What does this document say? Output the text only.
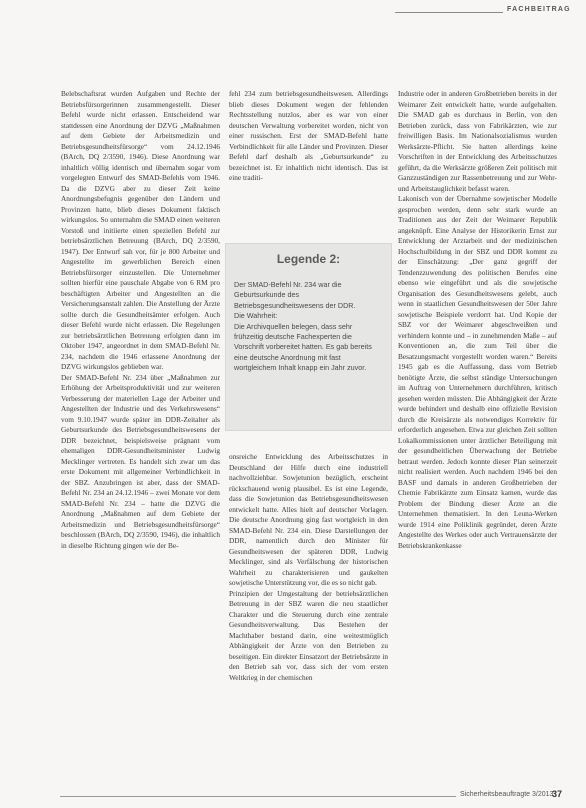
FACHBEITRAG

Belebschaftsrat wurden Aufgaben und Rechte der Betriebsfürsorgerinnen zusammengestellt. Dieser Befehl wurde nicht erlassen. Entscheidend war stattdessen eine Anordnung der DZVG „Maßnahmen auf dem Gebiete der Arbeitsmedizin und Betriebsgesundheitsfürsorge“ vom 24.12.1946 (BArch, DQ 2/3590, 1946). Diese Anordnung war inhaltlich völlig identisch und übernahm sogar vom vorgelegten Entwurf des SMAD-Befehls vom 1946. Da die DZVG aber zu dieser Zeit keine Anordnungsbefugnis gegenüber den Ländern und Provinzen hatte, blieb dieses Dokument faktisch wirkungslos. So unternahm die SMAD einen weiteren Vorstoß und initiierte einen speziellen Befehl zur betriebsärztlichen Betreuung (BArch, DQ 2/3590, 1947). Der Entwurf sah vor, für je 800 Arbeiter und Angestellte im gewerblichen Bereich einen Betriebsfürsorger einzustellen. Die Unternehmer sollten hierfür eine pauschale Abgabe von 6 RM pro beschäftigten Arbeiter und Angestellten an die Versicherungsanstalt zahlen. Die Anstellung der Ärzte sollte durch die Gesundheitsämter erfolgen. Auch dieser Befehl wurde nicht erlassen. Die Regelungen zur betriebsärztlichen Betreuung erfolgten dann im Oktober 1947, angeordnet in dem SMAD-Befehl Nr. 234, nachdem die 1946 erlassene Anordnung der DZVG wirkungslos geblieben war.

Der SMAD-Befehl Nr. 234 über „Maßnahmen zur Erhöhung der Arbeitsproduktivität und zur weiteren Verbesserung der materiellen Lage der Arbeiter und Angestellten der Industrie und des Verkehrswesens“ vom 9.10.1947 wurde später im DDR-Zeitalter als Geburtsurkunde des Betriebsgesundheitswesens der DDR bezeichnet, beispielsweise prägnant vom ehemaligen DDR-Gesundheitsminister Ludwig Mecklinger vertreten. Es handelt sich zwar um das erste Dokument mit allgemeiner Verbindlichkeit in der SBZ. Anzubringen ist aber, dass der SMAD-Befehl Nr. 234 an 24.12.1946 – zwei Monate vor dem SMAD-Befehl Nr. 234 – hatte die DZVG die Anordnung „Maßnahmen auf dem Gebiete der Arbeitsmedizin und Betriebsgesundheitsfürsorge“ beschlossen (BArch, DQ 2/3590, 1946), die inhaltlich in dieselbe Richtung gingen wie der Be-

fehl 234 zum betriebsgesundheitswesen. Allerdings blieb dieses Dokument wegen der fehlenden Rechtsstellung nutzlos, aber es war von einer deutschen Verwaltung vorbereitet worden, nicht von einer russischen. Erst der SMAD-Befehl hatte Verbindlichkeit für alle Länder und Provinzen. Dieser Befehl darf deshalb als „Geburtsurkunde“ zu bezeichnet ist. Er inhaltlich nicht identisch. Das ist eine traditi-

Legende 2:

Der SMAD-Befehl Nr. 234 war die Geburtsurkunde des Betriebsgesundheitswesens der DDR.

Die Wahrheit:

Die Archivquellen belegen, dass sehr frühzeitig deutsche Fachexperten die Vorschrift vorbereitet hatten. Es gab bereits eine deutsche Anordnung mit fast wortgleichem Inhalt knapp ein Jahr zuvor.

onsreiche Entwicklung des Arbeitsschutzes in Deutschland der Hilfe durch eine industriell nachvollziehbar. Sowjetunion bezüglich, erscheint rückschauend wenig plausibel. Es ist eine Legende, dass die Sowjetunion das Betriebsgesundheitswesen entwickelt hatte. Alles hielt auf deutscher Vorlagen. Die deutsche Anordnung ging fast wortgleich in den SMAD-Befehl Nr. 234 ein. Diese Darstellungen der DDR, namentlich durch den Minister für Gesundheitswesen der späteren DDR, Ludwig Mecklinger, sind als Verfälschung der historischen Wahrheit zu charakterisieren und gaukelten sowjetische Unterstützung vor, die es so nicht gab.

Prinzipien der Umgestaltung der betriebsärztlichen Betreuung in der SBZ waren die neu staatlicher Charakter und die Steuerung durch eine zentrale Gesundheitsverwaltung. Das Bestehen der Machthaber bestand darin, eine weitestmöglich Abhängigkeit der Ärzte von den Betrieben zu beseitigen. Ein direkter Einsatzort der Betriebsärzte in den Betrieb sah vor, dass sich der vom ersten Weltkrieg in der chemischen

Industrie oder in anderen Großbetrieben bereits in der Weimarer Zeit entwickelt hatte, wurde aufgehalten. Die SMAD gab es durchaus in Berlin, von den Betrieben zurück, dass von Fabrikärzten, wie zur freiwilligen Basis. Im Nationalsozialismus wurden Werksärzte-Pflicht. Sie hatten allerdings keine Vorschriften in der Entwicklung des Arbeitsschutzes geführt, da die Werksärzte größeren Zeit politisch mit Ganzzuständigen zur Rassenbetreuung und zur Wehr- und Arbeitstauglichkeit befasst waren.

Lakonisch von der Übernahme sowjetischer Modelle gesprochen werden, denn sehr stark wurde an Traditionen aus der Zeit der Weimarer Republik angeknüpft. Eine Analyse der Historikerin Ernst zur Entwicklung der Arztarbeit und der medizinischen Hochschulbildung in der SBZ und DDR kommt zu der Einschätzung: „Der ganz gegriff der Tendenzzuwendung des politischen Berufes eine ebenso wie eingeführt und als die sowjetische Organisation des Gesundheitswesens gelebt, auch wenn in staatlichen Gesundheitswesen der 50er Jahre sowjetische Beispiele verdorrt hat. Und Kopie der SBZ vor der Weimarer abgeschweißten und verhindern konnte und – in zunehmenden Maße – auf Konventionen an, die zum Teil über die Besatzungsmacht vorgestellt worden waren.“ Bereits 1945 gab es die Auffassung, dass vom Betrieb benötigte Ärzte, die selbst ständige Untersuchungen im Auftrag von Unternehmern durchführen, kritisch gesehen werden müssten. Die Abhängigkeit der Ärzte wurde behindert und deshalb eine offizielle Revision durch die Kreisärzte als notwendiges Korrektiv für erforderlich angesehen. Etwa zur gleichen Zeit sollten Lokalkommissionen unter ärztlicher Beteiligung mit der gesundheitlichen Überwachung der Betriebe betraut werden. Jedoch konnte dieser Plan seinerzeit nicht realisiert werden. Auch nachdem 1946 bei den BASF und damals in anderen Großbetrieben der Chemie Fabrikärzte zum Einsatz kamen, wurde das Problem der Bindung dieser Ärzte an die Unternehmen thematisiert. In den Leuna-Werken wurde 1914 eine Poliklinik gegründet, deren Ärzte Angestellte des Werkes oder auch Vertrauensärzte der Betriebskrankenkasse

Sicherheitsbeauftragte 3/2013
37
